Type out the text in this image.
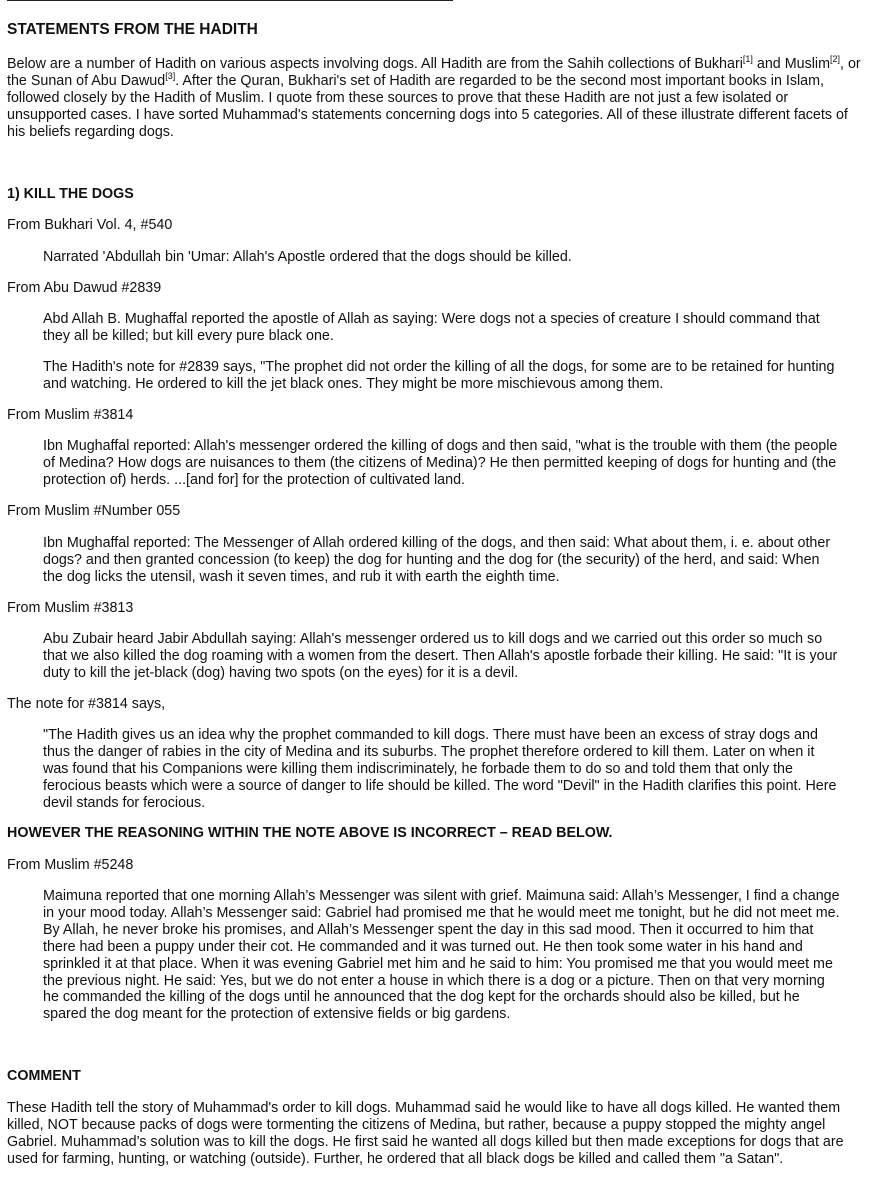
STATEMENTS FROM THE HADITH

Below are a number of Hadith on various aspects involving dogs. All Hadith are from the Sahih collections of Bukhari[1] and Muslim[2], or the Sunan of Abu Dawud[3]. After the Quran, Bukhari's set of Hadith are regarded to be the second most important books in Islam, followed closely by the Hadith of Muslim. I quote from these sources to prove that these Hadith are not just a few isolated or unsupported cases. I have sorted Muhammad's statements concerning dogs into 5 categories. All of these illustrate different facets of his beliefs regarding dogs.

1) KILL THE DOGS

From Bukhari Vol. 4, #540

Narrated 'Abdullah bin 'Umar: Allah's Apostle ordered that the dogs should be killed.

From Abu Dawud #2839

Abd Allah B. Mughaffal reported the apostle of Allah as saying: Were dogs not a species of creature I should command that they all be killed; but kill every pure black one.

The Hadith's note for #2839 says, "The prophet did not order the killing of all the dogs, for some are to be retained for hunting and watching. He ordered to kill the jet black ones. They might be more mischievous among them.

From Muslim #3814

Ibn Mughaffal reported: Allah's messenger ordered the killing of dogs and then said, "what is the trouble with them (the people of Medina? How dogs are nuisances to them (the citizens of Medina)? He then permitted keeping of dogs for hunting and (the protection of) herds. ...[and for] for the protection of cultivated land.

From Muslim #Number 055

Ibn Mughaffal reported: The Messenger of Allah ordered killing of the dogs, and then said: What about them, i. e. about other dogs? and then granted concession (to keep) the dog for hunting and the dog for (the security) of the herd, and said: When the dog licks the utensil, wash it seven times, and rub it with earth the eighth time.

From Muslim #3813

Abu Zubair heard Jabir Abdullah saying: Allah's messenger ordered us to kill dogs and we carried out this order so much so that we also killed the dog roaming with a women from the desert. Then Allah's apostle forbade their killing. He said: "It is your duty to kill the jet-black (dog) having two spots (on the eyes) for it is a devil.

The note for #3814 says,

"The Hadith gives us an idea why the prophet commanded to kill dogs. There must have been an excess of stray dogs and thus the danger of rabies in the city of Medina and its suburbs. The prophet therefore ordered to kill them. Later on when it was found that his Companions were killing them indiscriminately, he forbade them to do so and told them that only the ferocious beasts which were a source of danger to life should be killed. The word "Devil" in the Hadith clarifies this point. Here devil stands for ferocious.

HOWEVER THE REASONING WITHIN THE NOTE ABOVE IS INCORRECT – READ BELOW.

From Muslim #5248

Maimuna reported that one morning Allah’s Messenger was silent with grief. Maimuna said: Allah’s Messenger, I find a change in your mood today. Allah’s Messenger said: Gabriel had promised me that he would meet me tonight, but he did not meet me. By Allah, he never broke his promises, and Allah’s Messenger spent the day in this sad mood. Then it occurred to him that there had been a puppy under their cot. He commanded and it was turned out. He then took some water in his hand and sprinkled it at that place. When it was evening Gabriel met him and he said to him: You promised me that you would meet me the previous night. He said: Yes, but we do not enter a house in which there is a dog or a picture. Then on that very morning he commanded the killing of the dogs until he announced that the dog kept for the orchards should also be killed, but he spared the dog meant for the protection of extensive fields or big gardens.

COMMENT

These Hadith tell the story of Muhammad's order to kill dogs. Muhammad said he would like to have all dogs killed. He wanted them killed, NOT because packs of dogs were tormenting the citizens of Medina, but rather, because a puppy stopped the mighty angel Gabriel. Muhammad’s solution was to kill the dogs. He first said he wanted all dogs killed but then made exceptions for dogs that are used for farming, hunting, or watching (outside). Further, he ordered that all black dogs be killed and called them "a Satan".
